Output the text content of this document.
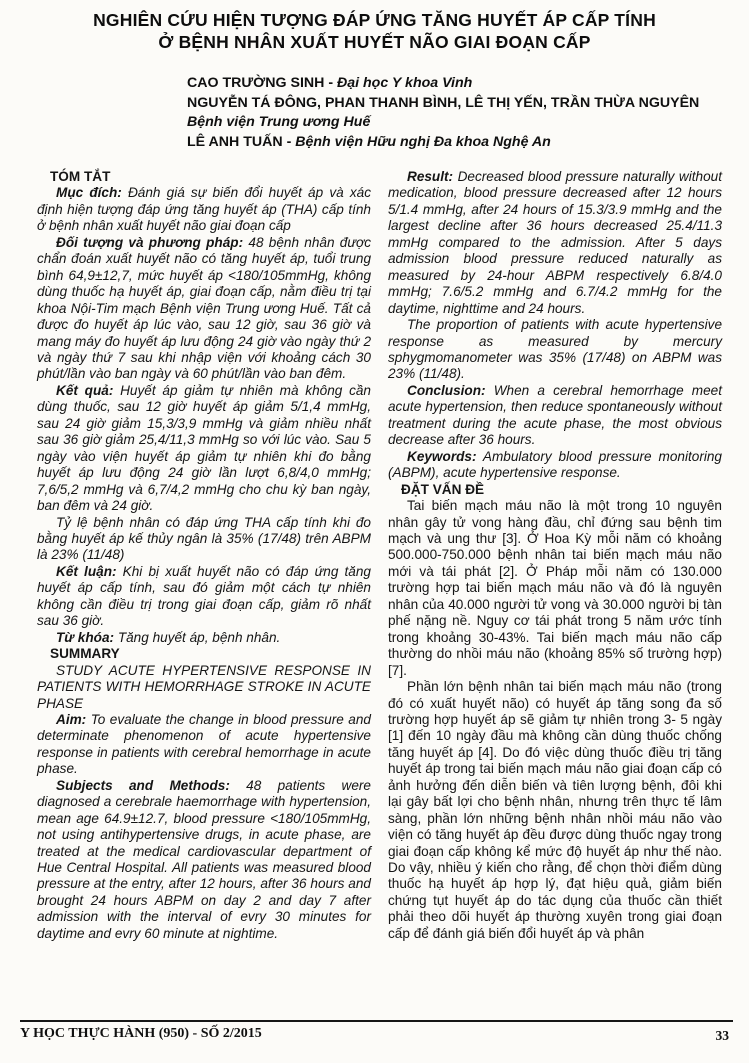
NGHIÊN CỨU HIỆN TƯỢNG ĐÁP ỨNG TĂNG HUYẾT ÁP CẤP TÍNH
Ở BỆNH NHÂN XUẤT HUYẾT NÃO GIAI ĐOẠN CẤP
CAO TRƯỜNG SINH - Đại học Y khoa Vinh
NGUYỄN TÁ ĐÔNG, PHAN THANH BÌNH, LÊ THỊ YẾN, TRẦN THỪA NGUYÊN
Bệnh viện Trung ương Huế
LÊ ANH TUẤN - Bệnh viện Hữu nghị Đa khoa Nghệ An

TÓM TẮT

Mục đích: Đánh giá sự biến đổi huyết áp và xác định hiện tượng đáp ứng tăng huyết áp (THA) cấp tính ở bệnh nhân xuất huyết não giai đoạn cấp

Đối tượng và phương pháp: 48 bệnh nhân được chẩn đoán xuất huyết não có tăng huyết áp, tuổi trung bình 64,9±12,7, mức huyết áp <180/105mmHg, không dùng thuốc hạ huyết áp, giai đoạn cấp, nằm điều trị tại khoa Nội-Tim mạch Bệnh viện Trung ương Huế. Tất cả được đo huyết áp lúc vào, sau 12 giờ, sau 36 giờ và mang máy đo huyết áp lưu động 24 giờ vào ngày thứ 2 và ngày thứ 7 sau khi nhập viện với khoảng cách 30 phút/lần vào ban ngày và 60 phút/lần vào ban đêm.

Kết quả: Huyết áp giảm tự nhiên mà không cần dùng thuốc, sau 12 giờ huyết áp giảm 5/1,4 mmHg, sau 24 giờ giảm 15,3/3,9 mmHg và giảm nhiều nhất sau 36 giờ giảm 25,4/11,3 mmHg so với lúc vào. Sau 5 ngày vào viện huyết áp giảm tự nhiên khi đo bằng huyết áp lưu động 24 giờ lần lượt 6,8/4,0 mmHg; 7,6/5,2 mmHg và 6,7/4,2 mmHg cho chu kỳ ban ngày, ban đêm và 24 giờ.

Tỷ lệ bệnh nhân có đáp ứng THA cấp tính khi đo bằng huyết áp kế thủy ngân là 35% (17/48) trên ABPM là 23% (11/48)

Kết luận: Khi bị xuất huyết não có đáp ứng tăng huyết áp cấp tính, sau đó giảm một cách tự nhiên không cần điều trị trong giai đoạn cấp, giảm rõ nhất sau 36 giờ.

Từ khóa: Tăng huyết áp, bệnh nhân.

SUMMARY

STUDY ACUTE HYPERTENSIVE RESPONSE IN PATIENTS WITH HEMORRHAGE STROKE IN ACUTE PHASE

Aim: To evaluate the change in blood pressure and determinate phenomenon of acute hypertensive response in patients with cerebral hemorrhage in acute phase.

Subjects and Methods: 48 patients were diagnosed a cerebrale haemorrhage with hypertension, mean age 64.9±12.7, blood pressure <180/105mmHg, not using antihypertensive drugs, in acute phase, are treated at the medical cardiovascular department of Hue Central Hospital. All patients was measured blood pressure at the entry, after 12 hours, after 36 hours and brought 24 hours ABPM on day 2 and day 7 after admission with the interval of evry 30 minutes for daytime and evry 60 minute at nightime.

Result: Decreased blood pressure naturally without medication, blood pressure decreased after 12 hours 5/1.4 mmHg, after 24 hours of 15.3/3.9 mmHg and the largest decline after 36 hours decreased 25.4/11.3 mmHg compared to the admission. After 5 days admission blood pressure reduced naturally as measured by 24-hour ABPM respectively 6.8/4.0 mmHg; 7.6/5.2 mmHg and 6.7/4.2 mmHg for the daytime, nighttime and 24 hours.

The proportion of patients with acute hypertensive response as measured by mercury sphygmomanometer was 35% (17/48) on ABPM was 23% (11/48).

Conclusion: When a cerebral hemorrhage meet acute hypertension, then reduce spontaneously without treatment during the acute phase, the most obvious decrease after 36 hours.

Keywords: Ambulatory blood pressure monitoring (ABPM), acute hypertensive response.

ĐẶT VẤN ĐỀ

Tai biến mạch máu não là một trong 10 nguyên nhân gây tử vong hàng đầu, chỉ đứng sau bệnh tim mạch và ung thư [3]. Ở Hoa Kỳ mỗi năm có khoảng 500.000-750.000 bệnh nhân tai biến mạch máu não mới và tái phát [2]. Ở Pháp mỗi năm có 130.000 trường hợp tai biến mạch máu não và đó là nguyên nhân của 40.000 người tử vong và 30.000 người bị tàn phế nặng nề. Nguy cơ tái phát trong 5 năm ước tính trong khoảng 30-43%. Tai biến mạch máu não cấp thường do nhồi máu não (khoảng 85% số trường hợp) [7].

Phần lớn bệnh nhân tai biến mạch máu não (trong đó có xuất huyết não) có huyết áp tăng song đa số trường hợp huyết áp sẽ giảm tự nhiên trong 3- 5 ngày [1] đến 10 ngày đầu mà không cần dùng thuốc chống tăng huyết áp [4]. Do đó việc dùng thuốc điều trị tăng huyết áp trong tai biến mạch máu não giai đoạn cấp có ảnh hưởng đến diễn biến và tiên lượng bệnh, đôi khi lại gây bất lợi cho bệnh nhân, nhưng trên thực tế lâm sàng, phần lớn những bệnh nhân nhồi máu não vào viện có tăng huyết áp đều được dùng thuốc ngay trong giai đoạn cấp không kể mức độ huyết áp như thế nào. Do vậy, nhiều ý kiến cho rằng, để chọn thời điểm dùng thuốc hạ huyết áp hợp lý, đạt hiệu quả, giảm biến chứng tụt huyết áp do tác dụng của thuốc cần thiết phải theo dõi huyết áp thường xuyên trong giai đoạn cấp để đánh giá biến đổi huyết áp và phân

Y HỌC THỰC HÀNH (950) - SỐ 2/2015	33
